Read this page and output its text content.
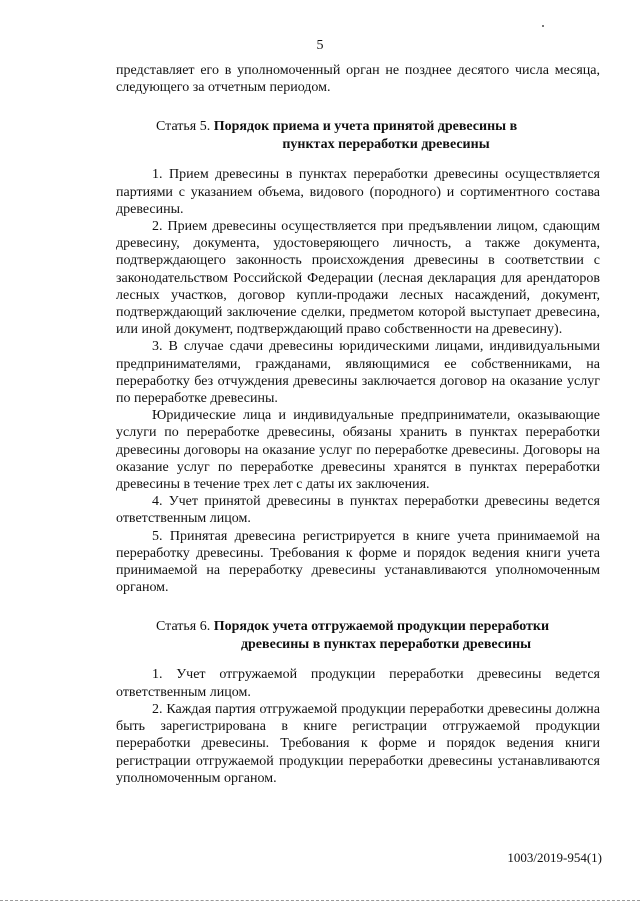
5

представляет его в уполномоченный орган не позднее десятого числа месяца, следующего за отчетным периодом.

Статья 5. Порядок приема и учета принятой древесины в
пунктах переработки древесины

1. Прием древесины в пунктах переработки древесины осуществляется партиями с указанием объема, видового (породного) и сортиментного состава древесины.

2. Прием древесины осуществляется при предъявлении лицом, сдающим древесину, документа, удостоверяющего личность, а также документа, подтверждающего законность происхождения древесины в соответствии с законодательством Российской Федерации (лесная декларация для арендаторов лесных участков, договор купли-продажи лесных насаждений, документ, подтверждающий заключение сделки, предметом которой выступает древесина, или иной документ, подтверждающий право собственности на древесину).

3. В случае сдачи древесины юридическими лицами, индивидуальными предпринимателями, гражданами, являющимися ее собственниками, на переработку без отчуждения древесины заключается договор на оказание услуг по переработке древесины.

Юридические лица и индивидуальные предприниматели, оказывающие услуги по переработке древесины, обязаны хранить в пунктах переработки древесины договоры на оказание услуг по переработке древесины. Договоры на оказание услуг по переработке древесины хранятся в пунктах переработки древесины в течение трех лет с даты их заключения.

4. Учет принятой древесины в пунктах переработки древесины ведется ответственным лицом.

5. Принятая древесина регистрируется в книге учета принимаемой на переработку древесины. Требования к форме и порядок ведения книги учета принимаемой на переработку древесины устанавливаются уполномоченным органом.

Статья 6. Порядок учета отгружаемой продукции переработки
древесины в пунктах переработки древесины

1. Учет отгружаемой продукции переработки древесины ведется ответственным лицом.

2. Каждая партия отгружаемой продукции переработки древесины должна быть зарегистрирована в книге регистрации отгружаемой продукции переработки древесины. Требования к форме и порядок ведения книги регистрации отгружаемой продукции переработки древесины устанавливаются уполномоченным органом.

1003/2019-954(1)
